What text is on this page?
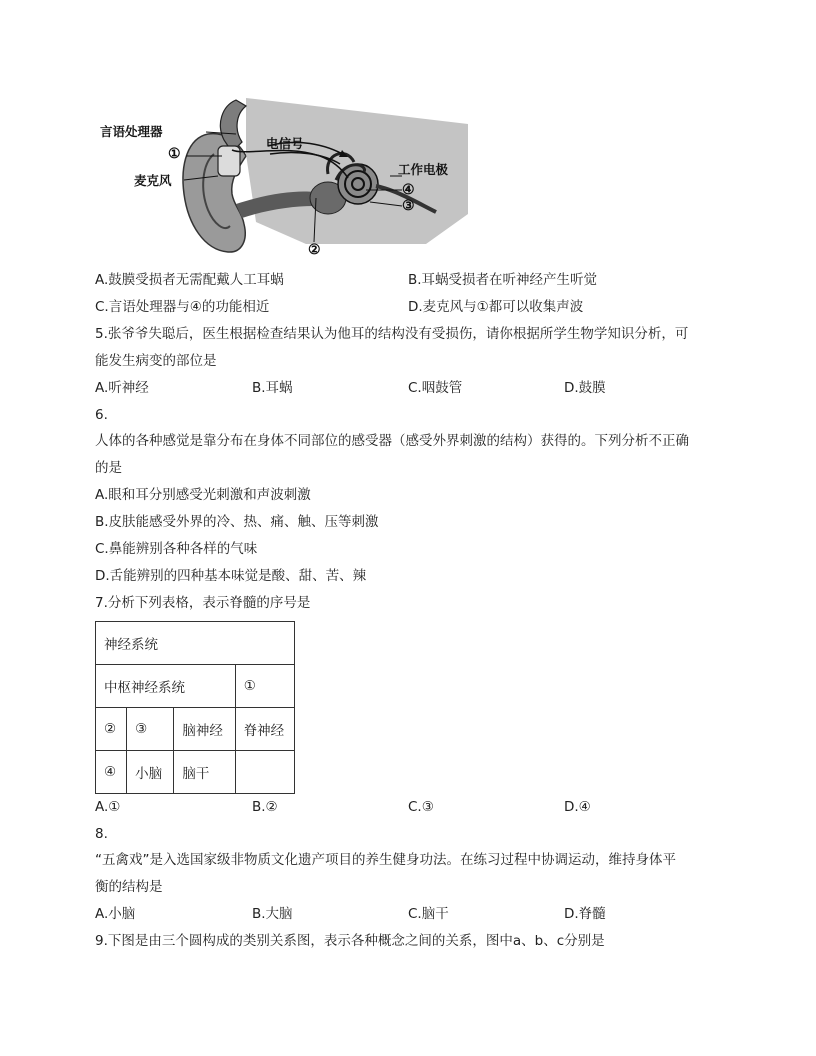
言语处理器
①
电信号
麦克风
工作电极
④
③
②
A.鼓膜受损者无需配戴人工耳蜗	B.耳蜗受损者在听神经产生听觉
C.言语处理器与④的功能相近	D.麦克风与①都可以收集声波
5.张爷爷失聪后，医生根据检查结果认为他耳的结构没有受损伤，请你根据所学生物学知识分析，可
能发生病变的部位是
A.听神经	B.耳蜗	C.咽鼓管	D.鼓膜
6.
人体的各种感觉是靠分布在身体不同部位的感受器（感受外界刺激的结构）获得的。下列分析不正确
的是
A.眼和耳分别感受光刺激和声波刺激
B.皮肤能感受外界的冷、热、痛、触、压等刺激
C.鼻能辨别各种各样的气味
D.舌能辨别的四种基本味觉是酸、甜、苦、辣
7.分析下列表格，表示脊髓的序号是
神经系统			
中枢神经系统			①
②	③	脑神经	脊神经
④	小脑	脑干	
A.①	B.②	C.③	D.④
8.
“五禽戏”是入选国家级非物质文化遗产项目的养生健身功法。在练习过程中协调运动，维持身体平
衡的结构是
A.小脑	B.大脑	C.脑干	D.脊髓
9.下图是由三个圆构成的类别关系图，表示各种概念之间的关系，图中a、b、c分别是
